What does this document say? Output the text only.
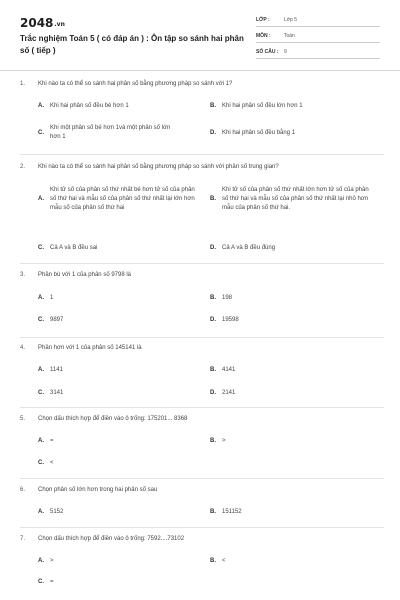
2048.vn
Trắc nghiệm Toán 5 ( có đáp án ) : Ôn tập so sánh hai phân số ( tiếp )
LỚP :	Lớp 5
MÔN :	Toán
SỐ CÂU :	9
1.	Khi nào ta có thể so sánh hai phân số bằng phương pháp so sánh với 1?
A.	Khi hai phân số đều bé hơn 1	B.	Khi hai phân số đều lớn hơn 1
C.
Khi một phân số bé hơn 1và một phân số lớn hơn 1
D.	Khi hai phân số đều bằng 1
2.	Khi nào ta có thể so sánh hai phân số bằng phương pháp so sánh với phân số trung gian?
A.
Khi tử số của phân số thứ nhất bé hơn tử số của phân số thứ hai và mẫu số của phân số thứ nhất lại lớn hơn mẫu số của phân số thứ hai
B.
Khi tử số của phân số thứ nhất lớn hơn tử số của phân số thứ hai và mẫu số của phân số thứ nhất lại nhỏ hơn mẫu của phân số thứ hai.
C.	Cả A và B đều sai	D.	Cả A và B đều đúng
3.	Phần bù với 1 của phân số 9798 là
A.	1	B.	198
C.	9897	D.	19598
4.	Phần hơn với 1 của phân số 145141 là
A.	1141	B.	4141
C.	3141	D.	2141
5.	Chọn dấu thích hợp để điền vào ô trống: 175201... 8368
A.	=	B.	>
C.	<
6.	Chọn phân số lớn hơn trong hai phân số sau
A.	5152	B.	151152
7.	Chọn dấu thích hợp để điền vào ô trống: 7592....73102
A.	>	B.	<
C.	=
